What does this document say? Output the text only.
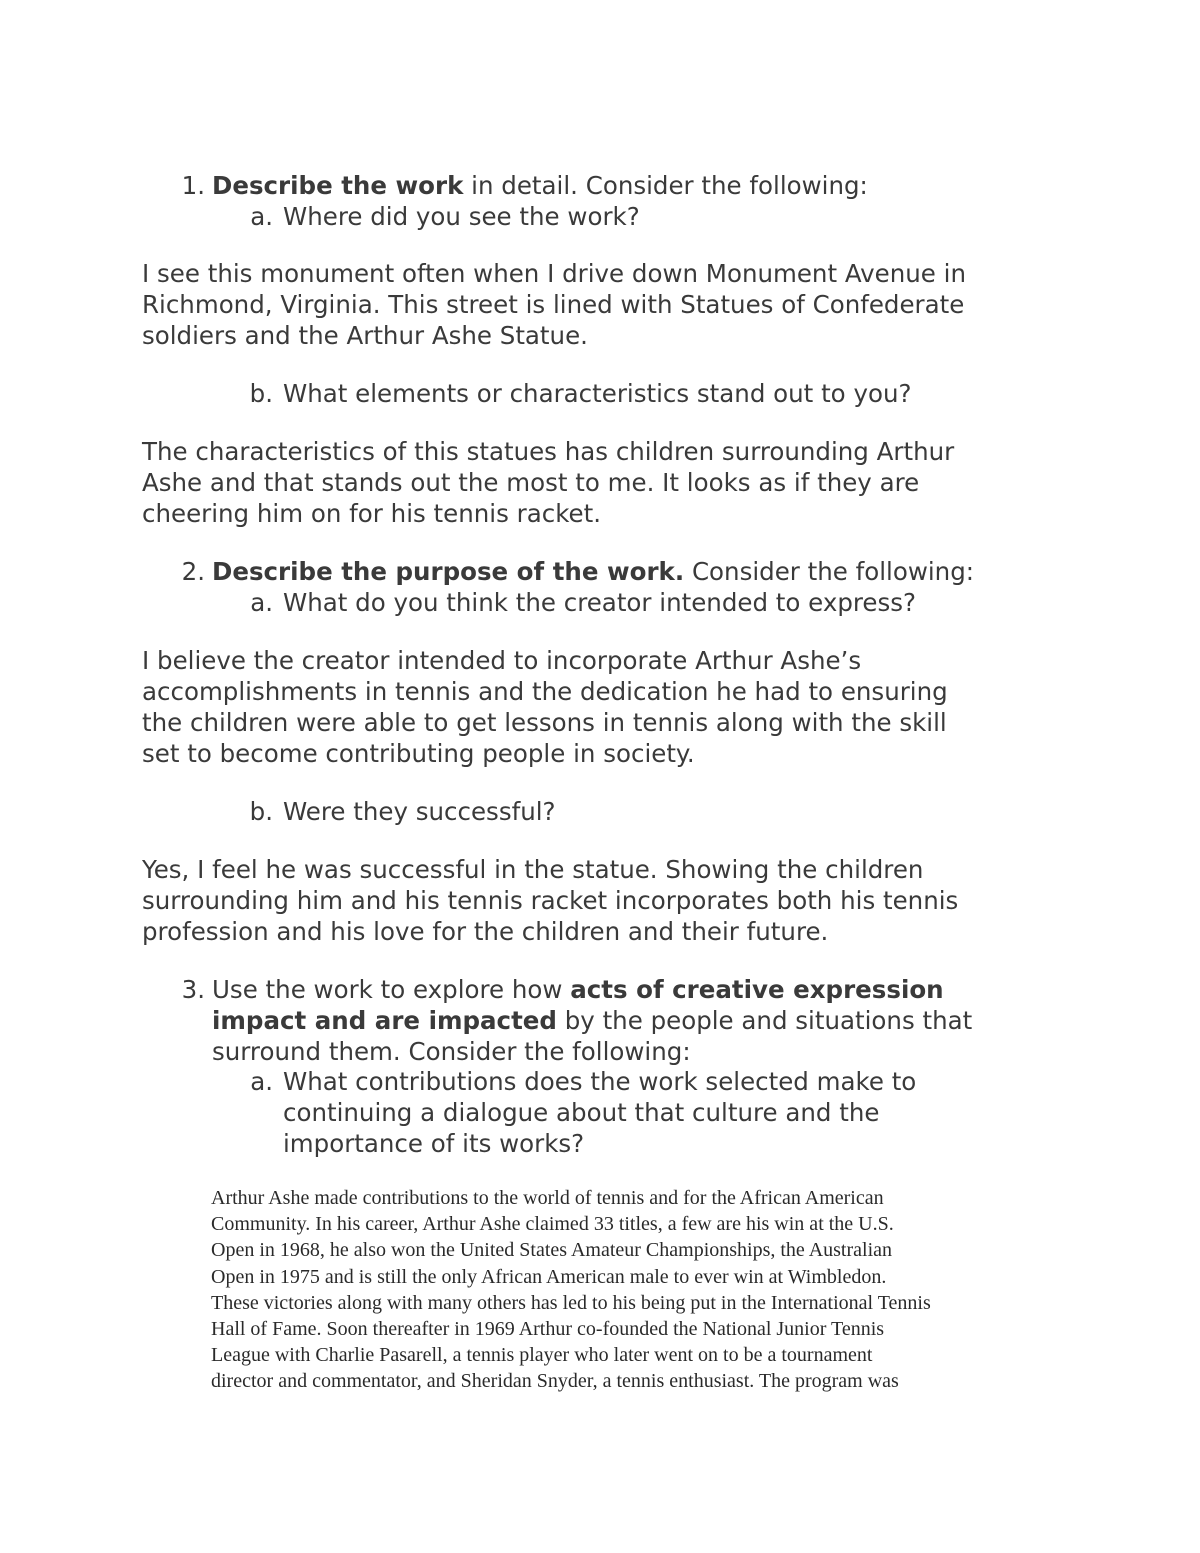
1. Describe the work in detail. Consider the following:
a. Where did you see the work?
I see this monument often when I drive down Monument Avenue in
Richmond, Virginia. This street is lined with Statues of Confederate
soldiers and the Arthur Ashe Statue.
b. What elements or characteristics stand out to you?
The characteristics of this statues has children surrounding Arthur
Ashe and that stands out the most to me. It looks as if they are
cheering him on for his tennis racket.
2. Describe the purpose of the work. Consider the following:
a. What do you think the creator intended to express?
I believe the creator intended to incorporate Arthur Ashe’s
accomplishments in tennis and the dedication he had to ensuring
the children were able to get lessons in tennis along with the skill
set to become contributing people in society.
b. Were they successful?
Yes, I feel he was successful in the statue. Showing the children
surrounding him and his tennis racket incorporates both his tennis
profession and his love for the children and their future.
3. Use the work to explore how acts of creative expression
impact and are impacted by the people and situations that
surround them. Consider the following:
a. What contributions does the work selected make to
continuing a dialogue about that culture and the
importance of its works?
Arthur Ashe made contributions to the world of tennis and for the African American
Community. In his career, Arthur Ashe claimed 33 titles, a few are his win at the U.S.
Open in 1968, he also won the United States Amateur Championships, the Australian
Open in 1975 and is still the only African American male to ever win at Wimbledon.
These victories along with many others has led to his being put in the International Tennis
Hall of Fame. Soon thereafter in 1969 Arthur co-founded the National Junior Tennis
League with Charlie Pasarell, a tennis player who later went on to be a tournament
director and commentator, and Sheridan Snyder, a tennis enthusiast. The program was
